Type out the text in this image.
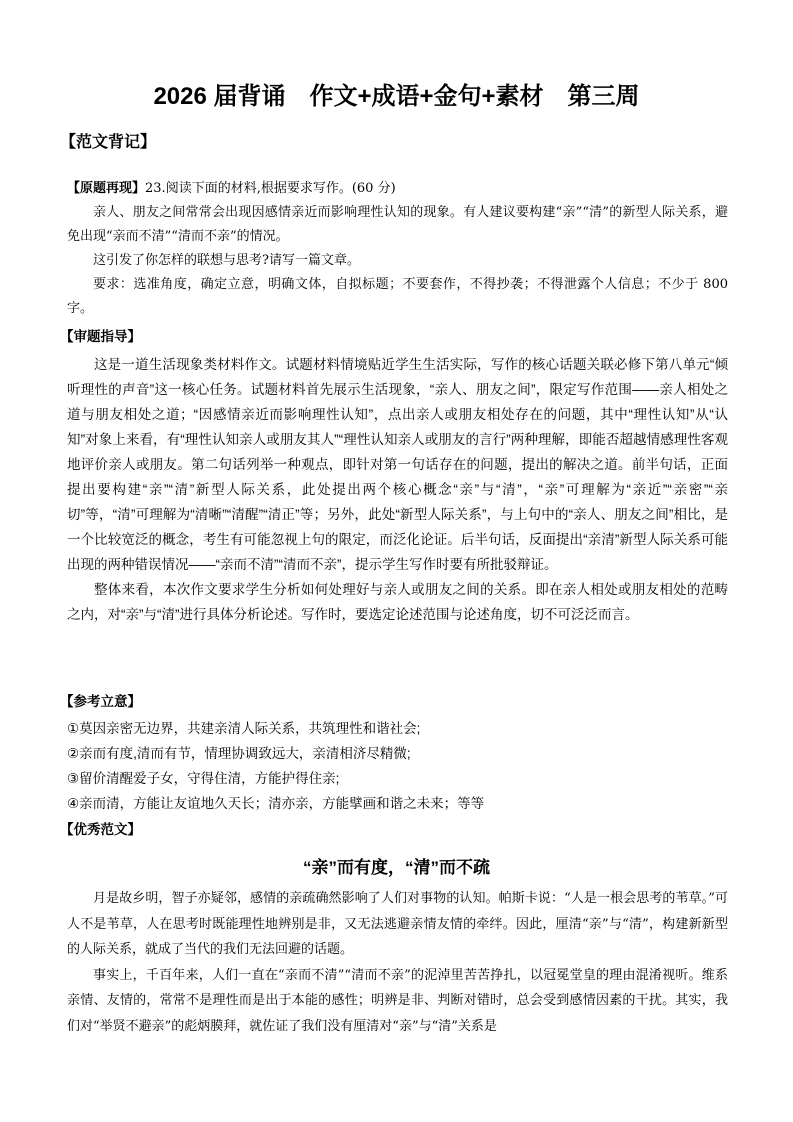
2026 届背诵　作文+成语+金句+素材　第三周
【范文背记】

【原题再现】23.阅读下面的材料,根据要求写作。(60 分)

亲人、朋友之间常常会出现因感情亲近而影响理性认知的现象。有人建议要构建“亲”“清”的新型人际关系，避免出现“亲而不清”“清而不亲”的情况。

这引发了你怎样的联想与思考?请写一篇文章。

要求：选准角度，确定立意，明确文体，自拟标题；不要套作，不得抄袭；不得泄露个人信息；不少于 800 字。

【审题指导】

这是一道生活现象类材料作文。试题材料情境贴近学生生活实际，写作的核心话题关联必修下第八单元“倾听理性的声音”这一核心任务。试题材料首先展示生活现象，“亲人、朋友之间”，限定写作范围——亲人相处之道与朋友相处之道；“因感情亲近而影响理性认知”，点出亲人或朋友相处存在的问题，其中“理性认知”从“认知”对象上来看，有“理性认知亲人或朋友其人”“理性认知亲人或朋友的言行”两种理解，即能否超越情感理性客观地评价亲人或朋友。第二句话列举一种观点，即针对第一句话存在的问题，提出的解决之道。前半句话，正面提出要构建“亲”“清”新型人际关系，此处提出两个核心概念“亲”与“清”，“亲”可理解为“亲近”“亲密”“亲切”等，“清”可理解为“清晰”“清醒”“清正”等；另外，此处“新型人际关系”，与上句中的“亲人、朋友之间”相比，是一个比较宽泛的概念，考生有可能忽视上句的限定，而泛化论证。后半句话，反面提出“亲清”新型人际关系可能出现的两种错误情况——“亲而不清”“清而不亲”，提示学生写作时要有所批驳辩证。

整体来看，本次作文要求学生分析如何处理好与亲人或朋友之间的关系。即在亲人相处或朋友相处的范畴之内，对“亲”与“清”进行具体分析论述。写作时，要选定论述范围与论述角度，切不可泛泛而言。

【参考立意】

①莫因亲密无边界，共建亲清人际关系，共筑理性和谐社会;

②亲而有度,清而有节，情理协调致远大，亲清相济尽精微;

③留价清醒爱子女，守得住清，方能护得住亲;

④亲而清，方能让友谊地久天长；清亦亲，方能擘画和谐之未来；等等

【优秀范文】
“亲”而有度，“清”而不疏

月是故乡明，智子亦疑邻，感情的亲疏确然影响了人们对事物的认知。帕斯卡说：“人是一根会思考的苇草。”可人不是苇草，人在思考时既能理性地辨别是非，又无法逃避亲情友情的牵绊。因此，厘清“亲”与“清”，构建新新型的人际关系，就成了当代的我们无法回避的话题。

事实上，千百年来，人们一直在“亲而不清”“清而不亲”的泥淖里苦苦挣扎，以冠冕堂皇的理由混淆视听。维系亲情、友情的，常常不是理性而是出于本能的感性；明辨是非、判断对错时，总会受到感情因素的干扰。其实，我们对“举贤不避亲”的彪炳膜拜，就佐证了我们没有厘清对“亲”与“清”关系是
